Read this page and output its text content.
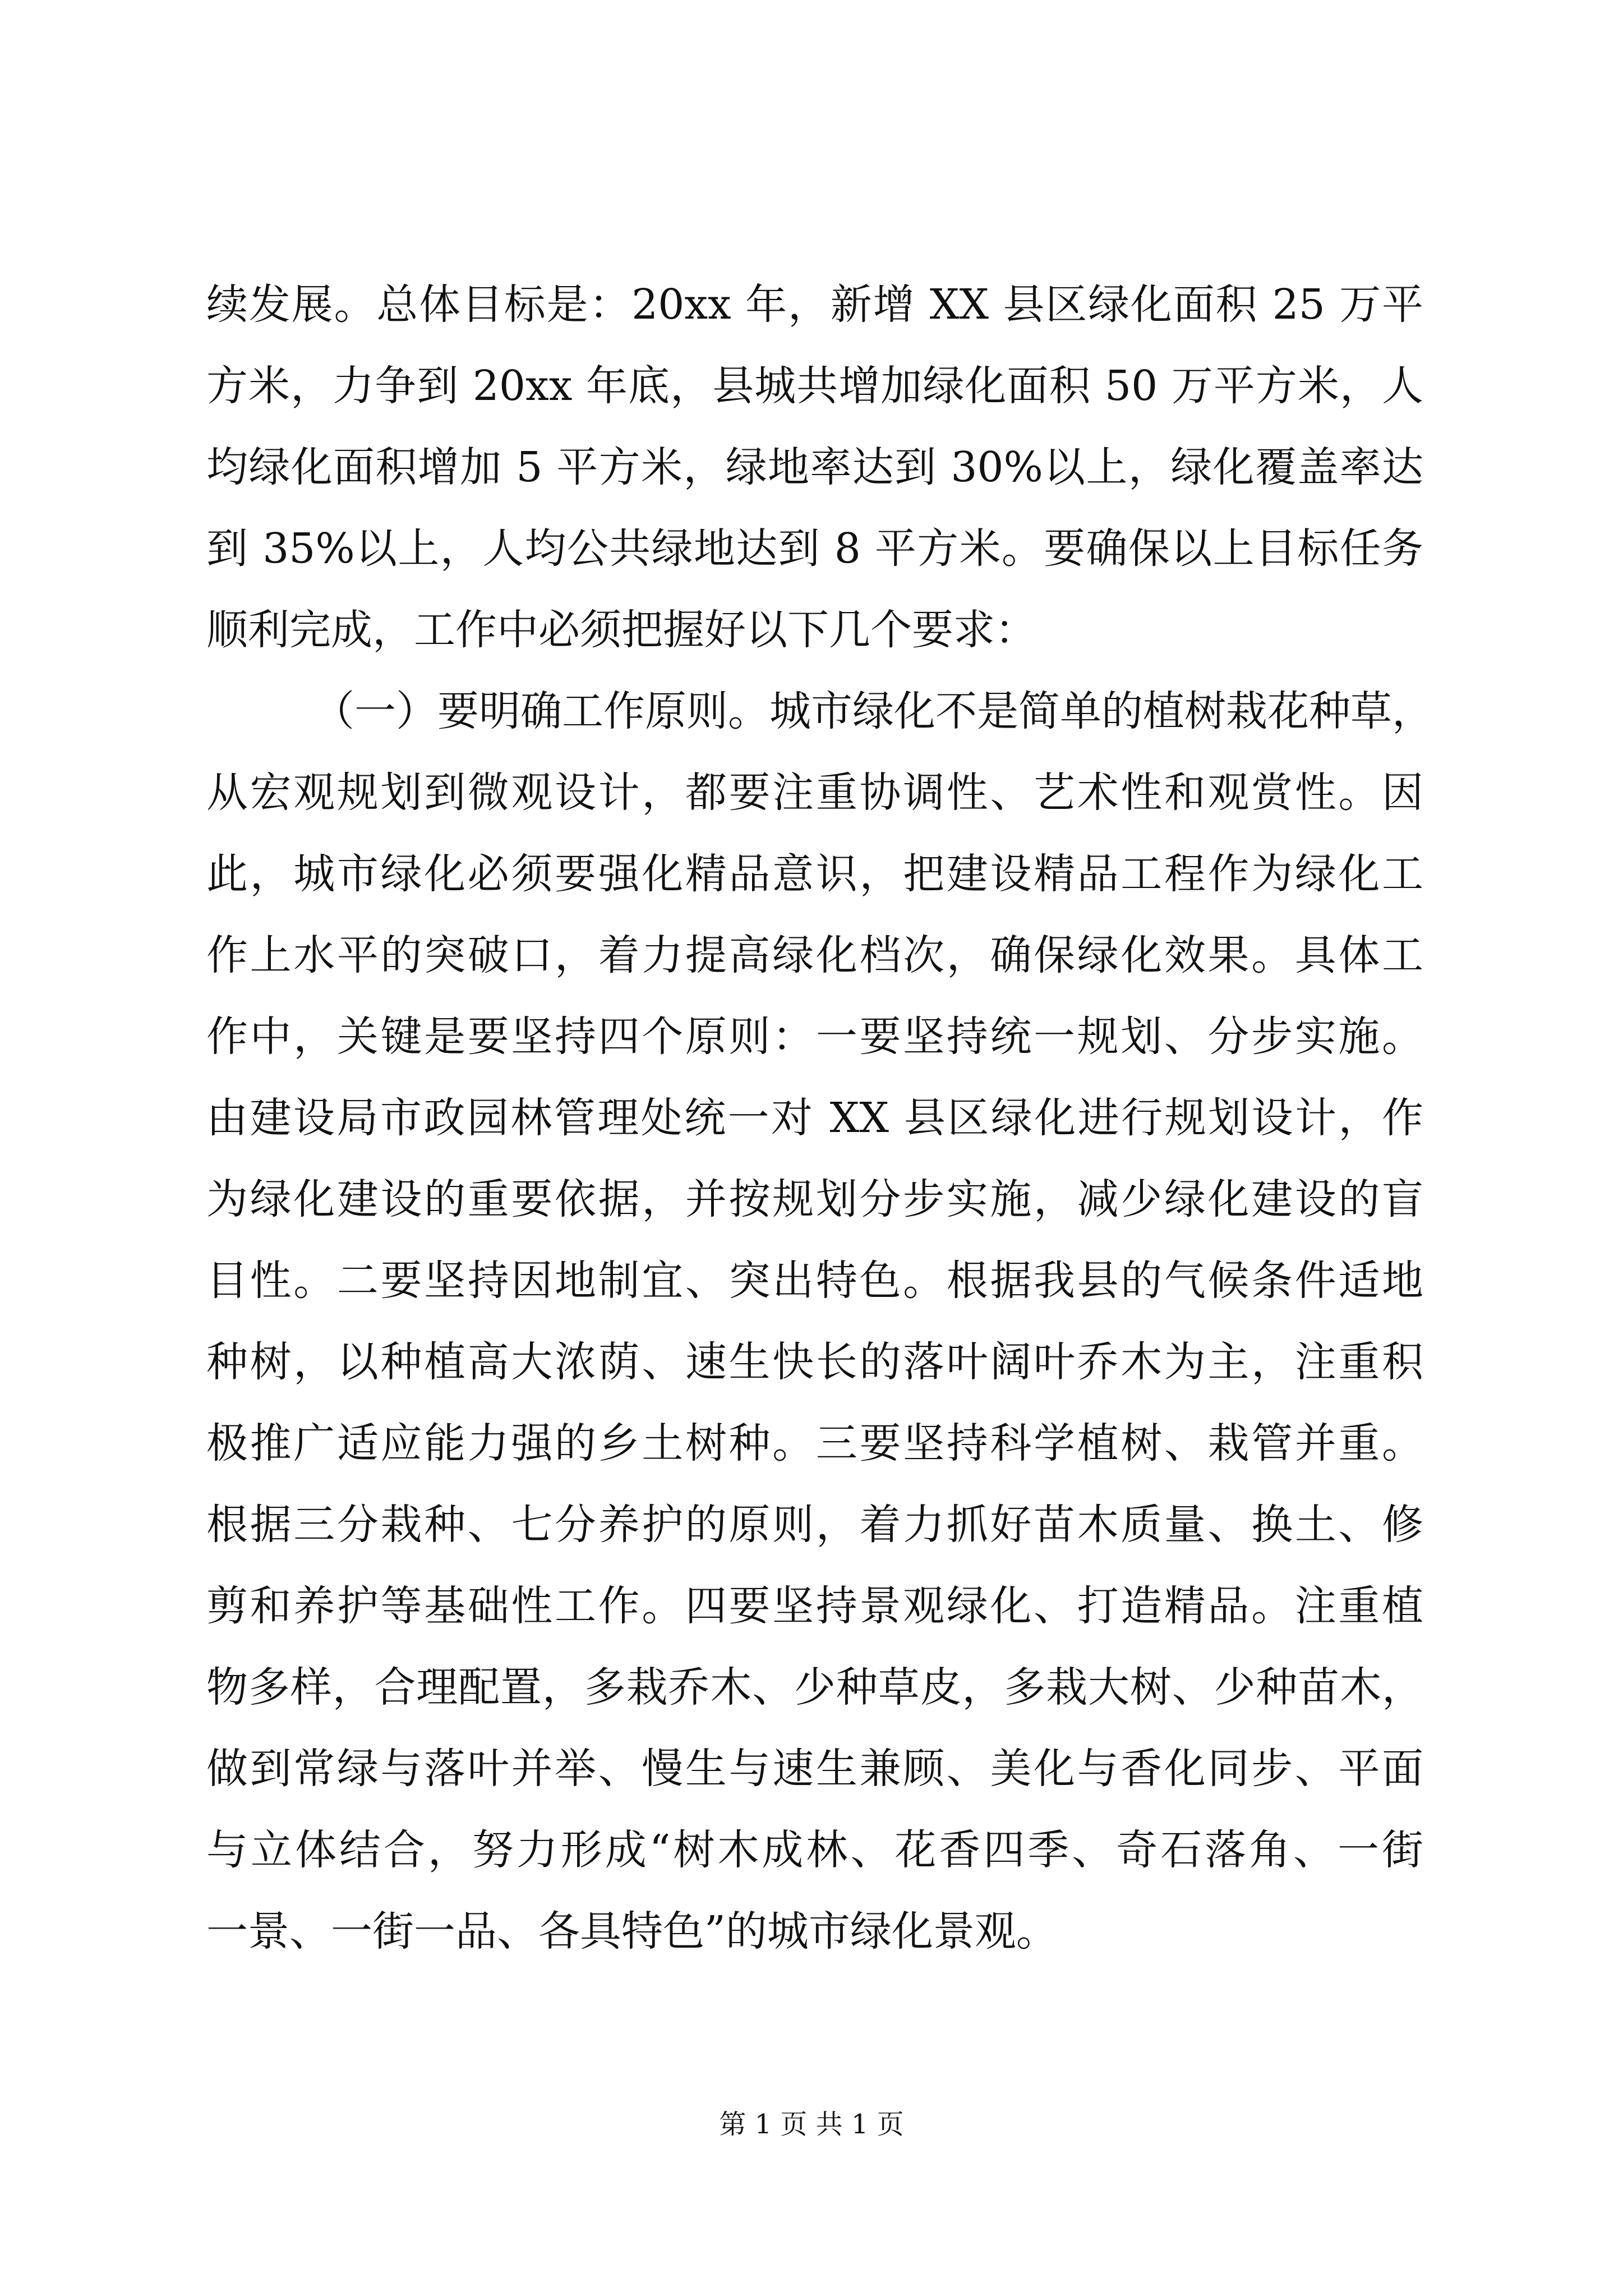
续发展。总体目标是：20xx 年，新增 XX 县区绿化面积 25 万平
方米，力争到 20xx 年底，县城共增加绿化面积 50 万平方米，人
均绿化面积增加 5 平方米，绿地率达到 30%以上，绿化覆盖率达
到 35%以上，人均公共绿地达到 8 平方米。要确保以上目标任务
顺利完成，工作中必须把握好以下几个要求：
（一）要明确工作原则。城市绿化不是简单的植树栽花种草，
从宏观规划到微观设计，都要注重协调性、艺术性和观赏性。因
此，城市绿化必须要强化精品意识，把建设精品工程作为绿化工
作上水平的突破口，着力提高绿化档次，确保绿化效果。具体工
作中，关键是要坚持四个原则：一要坚持统一规划、分步实施。
由建设局市政园林管理处统一对 XX 县区绿化进行规划设计，作
为绿化建设的重要依据，并按规划分步实施，减少绿化建设的盲
目性。二要坚持因地制宜、突出特色。根据我县的气候条件适地
种树，以种植高大浓荫、速生快长的落叶阔叶乔木为主，注重积
极推广适应能力强的乡土树种。三要坚持科学植树、栽管并重。
根据三分栽种、七分养护的原则，着力抓好苗木质量、换土、修
剪和养护等基础性工作。四要坚持景观绿化、打造精品。注重植
物多样，合理配置，多栽乔木、少种草皮，多栽大树、少种苗木，
做到常绿与落叶并举、慢生与速生兼顾、美化与香化同步、平面
与立体结合，努力形成“树木成林、花香四季、奇石落角、一街
一景、一街一品、各具特色”的城市绿化景观。
第 1 页 共 1 页
